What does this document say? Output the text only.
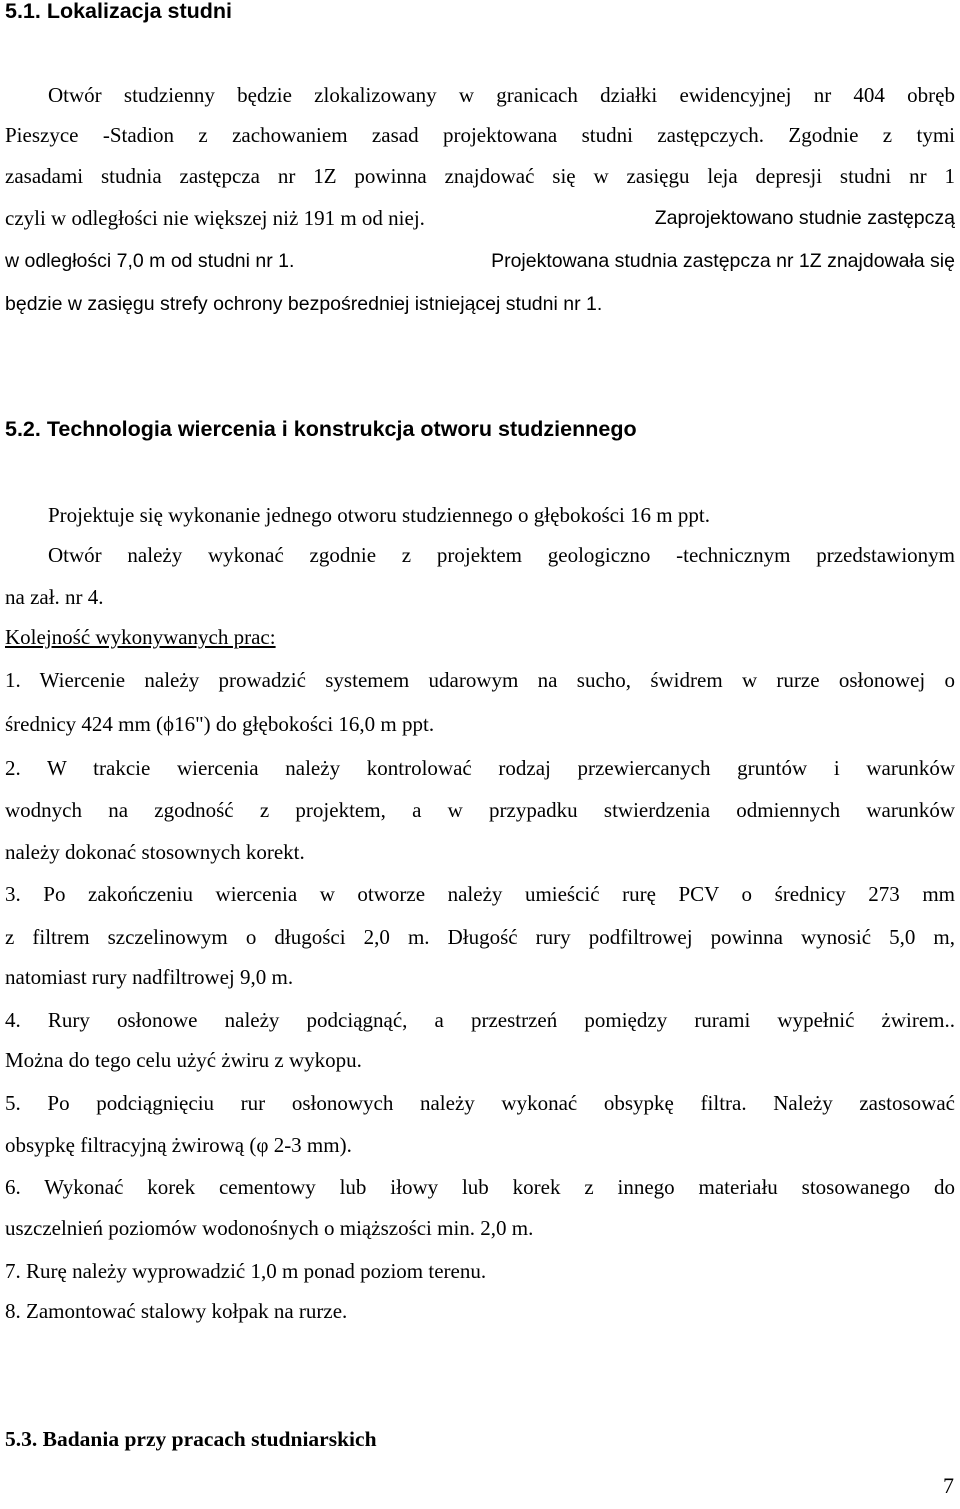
5.1. Lokalizacja studni
Otwór studzienny będzie zlokalizowany w granicach działki ewidencyjnej nr 404 obręb
Pieszyce -Stadion z zachowaniem zasad projektowana studni zastępczych. Zgodnie z tymi
zasadami studnia zastępcza nr 1Z powinna znajdować się w zasięgu leja depresji studni nr 1
czyli w odległości nie większej niż 191 m od niej.	Zaprojektowano studnie zastępczą
w odległości 7,0 m od studni nr 1.	Projektowana studnia zastępcza nr 1Z znajdowała się
będzie w zasięgu strefy ochrony bezpośredniej istniejącej studni nr 1.
5.2. Technologia wiercenia i konstrukcja otworu studziennego
Projektuje się wykonanie jednego otworu studziennego o głębokości 16 m ppt.
Otwór należy wykonać zgodnie z projektem geologiczno -technicznym przedstawionym
na zał. nr 4.
Kolejność wykonywanych prac:
1. Wiercenie należy prowadzić systemem udarowym na sucho, świdrem w rurze osłonowej o
średnicy 424 mm (ϕ16") do głębokości 16,0 m ppt.
2. W trakcie wiercenia należy kontrolować rodzaj przewiercanych gruntów i warunków
wodnych na zgodność z projektem, a w przypadku stwierdzenia odmiennych warunków
należy dokonać stosownych korekt.
3. Po zakończeniu wiercenia w otworze należy umieścić rurę PCV o średnicy 273 mm
z filtrem szczelinowym o długości 2,0 m. Długość rury podfiltrowej powinna wynosić 5,0 m,
natomiast rury nadfiltrowej 9,0 m.
4. Rury osłonowe należy podciągnąć, a przestrzeń pomiędzy rurami wypełnić żwirem..
Można do tego celu użyć żwiru z wykopu.
5. Po podciągnięciu rur osłonowych należy wykonać obsypkę filtra. Należy zastosować
obsypkę filtracyjną żwirową (φ 2-3 mm).
6. Wykonać korek cementowy lub iłowy lub korek z innego materiału stosowanego do
uszczelnień poziomów wodonośnych o miąższości min. 2,0 m.
7. Rurę należy wyprowadzić 1,0 m ponad poziom terenu.
8. Zamontować stalowy kołpak na rurze.
5.3. Badania przy pracach studniarskich
7
